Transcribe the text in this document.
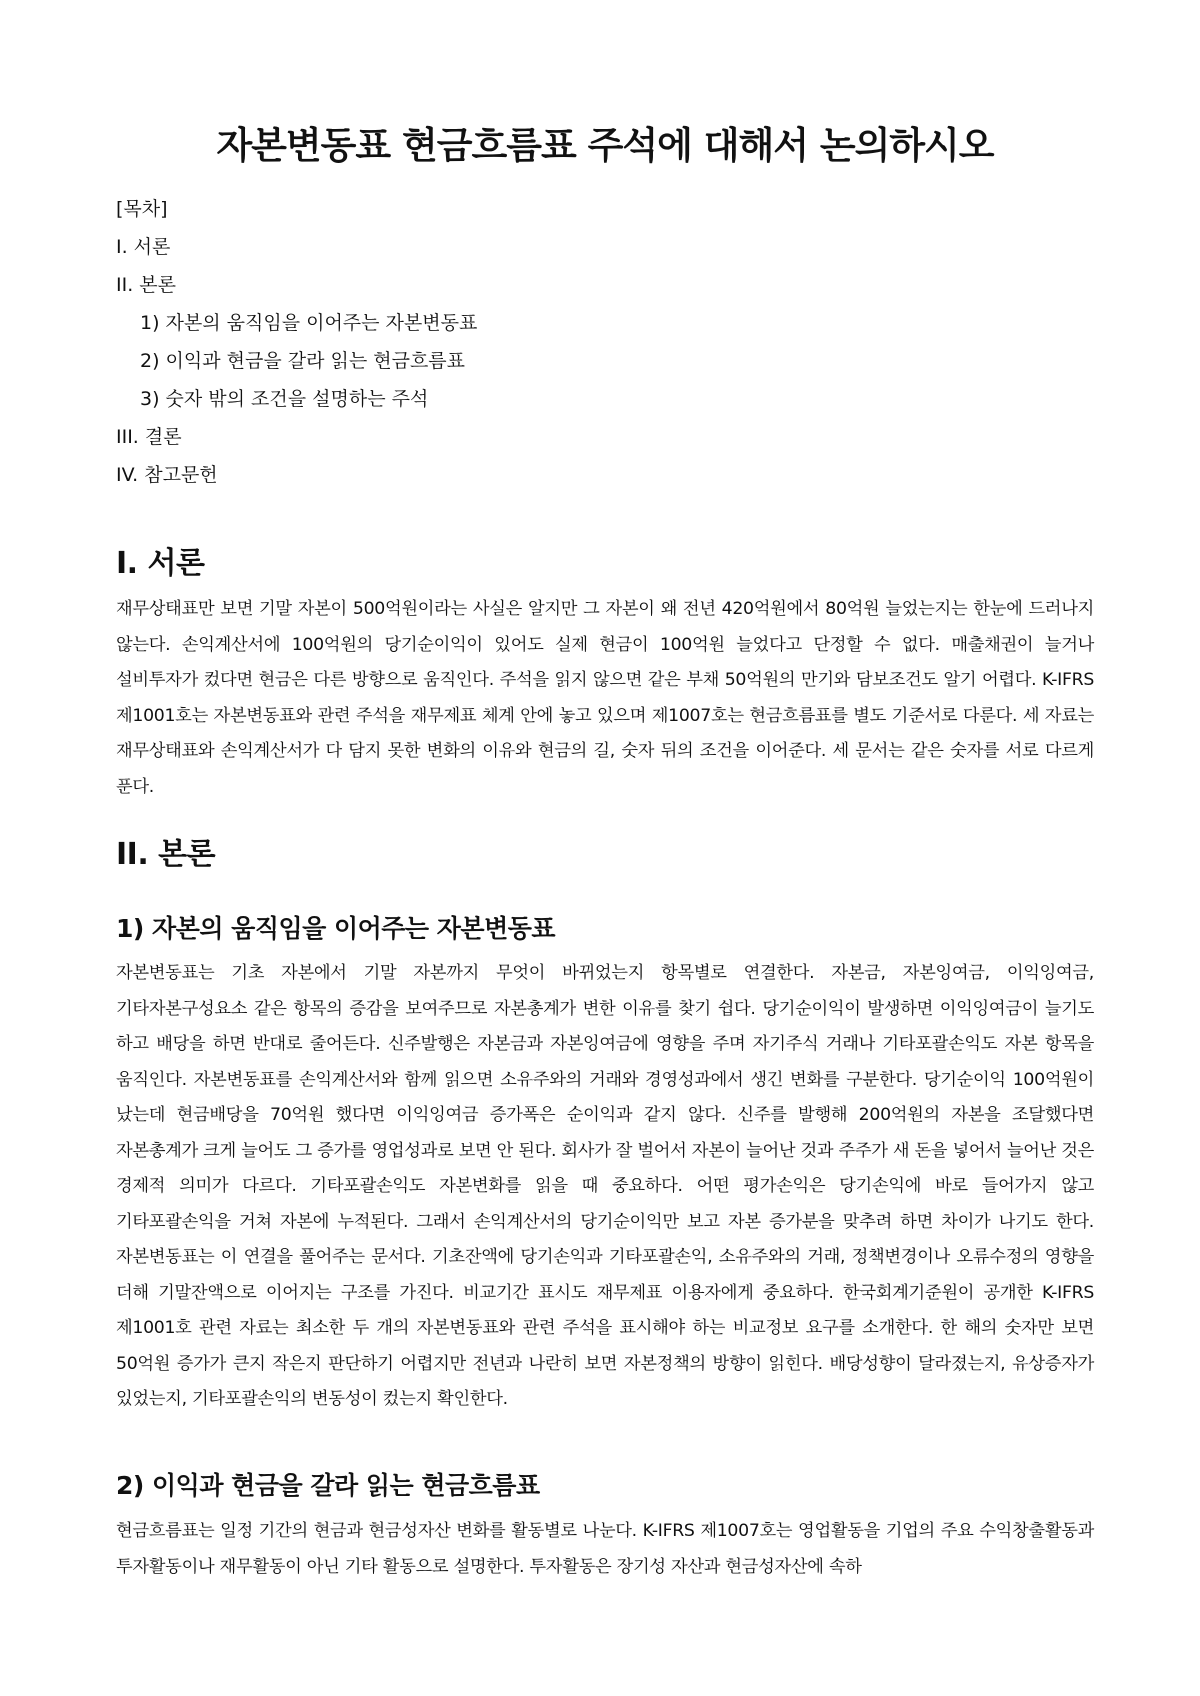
자본변동표 현금흐름표 주석에 대해서 논의하시오
[목차]
I. 서론
II. 본론
1) 자본의 움직임을 이어주는 자본변동표
2) 이익과 현금을 갈라 읽는 현금흐름표
3) 숫자 밖의 조건을 설명하는 주석
III. 결론
IV. 참고문헌
I. 서론

재무상태표만 보면 기말 자본이 500억원이라는 사실은 알지만 그 자본이 왜 전년 420억원에서 80억원 늘었는지는 한눈에 드러나지 않는다. 손익계산서에 100억원의 당기순이익이 있어도 실제 현금이 100억원 늘었다고 단정할 수 없다. 매출채권이 늘거나 설비투자가 컸다면 현금은 다른 방향으로 움직인다. 주석을 읽지 않으면 같은 부채 50억원의 만기와 담보조건도 알기 어렵다. K-IFRS 제1001호는 자본변동표와 관련 주석을 재무제표 체계 안에 놓고 있으며 제1007호는 현금흐름표를 별도 기준서로 다룬다. 세 자료는 재무상태표와 손익계산서가 다 담지 못한 변화의 이유와 현금의 길, 숫자 뒤의 조건을 이어준다. 세 문서는 같은 숫자를 서로 다르게 푼다.

II. 본론
1) 자본의 움직임을 이어주는 자본변동표

자본변동표는 기초 자본에서 기말 자본까지 무엇이 바뀌었는지 항목별로 연결한다. 자본금, 자본잉여금, 이익잉여금, 기타자본구성요소 같은 항목의 증감을 보여주므로 자본총계가 변한 이유를 찾기 쉽다. 당기순이익이 발생하면 이익잉여금이 늘기도 하고 배당을 하면 반대로 줄어든다. 신주발행은 자본금과 자본잉여금에 영향을 주며 자기주식 거래나 기타포괄손익도 자본 항목을 움직인다. 자본변동표를 손익계산서와 함께 읽으면 소유주와의 거래와 경영성과에서 생긴 변화를 구분한다. 당기순이익 100억원이 났는데 현금배당을 70억원 했다면 이익잉여금 증가폭은 순이익과 같지 않다. 신주를 발행해 200억원의 자본을 조달했다면 자본총계가 크게 늘어도 그 증가를 영업성과로 보면 안 된다. 회사가 잘 벌어서 자본이 늘어난 것과 주주가 새 돈을 넣어서 늘어난 것은 경제적 의미가 다르다. 기타포괄손익도 자본변화를 읽을 때 중요하다. 어떤 평가손익은 당기손익에 바로 들어가지 않고 기타포괄손익을 거쳐 자본에 누적된다. 그래서 손익계산서의 당기순이익만 보고 자본 증가분을 맞추려 하면 차이가 나기도 한다. 자본변동표는 이 연결을 풀어주는 문서다. 기초잔액에 당기손익과 기타포괄손익, 소유주와의 거래, 정책변경이나 오류수정의 영향을 더해 기말잔액으로 이어지는 구조를 가진다. 비교기간 표시도 재무제표 이용자에게 중요하다. 한국회계기준원이 공개한 K-IFRS 제1001호 관련 자료는 최소한 두 개의 자본변동표와 관련 주석을 표시해야 하는 비교정보 요구를 소개한다. 한 해의 숫자만 보면 50억원 증가가 큰지 작은지 판단하기 어렵지만 전년과 나란히 보면 자본정책의 방향이 읽힌다. 배당성향이 달라졌는지, 유상증자가 있었는지, 기타포괄손익의 변동성이 컸는지 확인한다.

2) 이익과 현금을 갈라 읽는 현금흐름표

현금흐름표는 일정 기간의 현금과 현금성자산 변화를 활동별로 나눈다. K-IFRS 제1007호는 영업활동을 기업의 주요 수익창출활동과 투자활동이나 재무활동이 아닌 기타 활동으로 설명한다. 투자활동은 장기성 자산과 현금성자산에 속하
